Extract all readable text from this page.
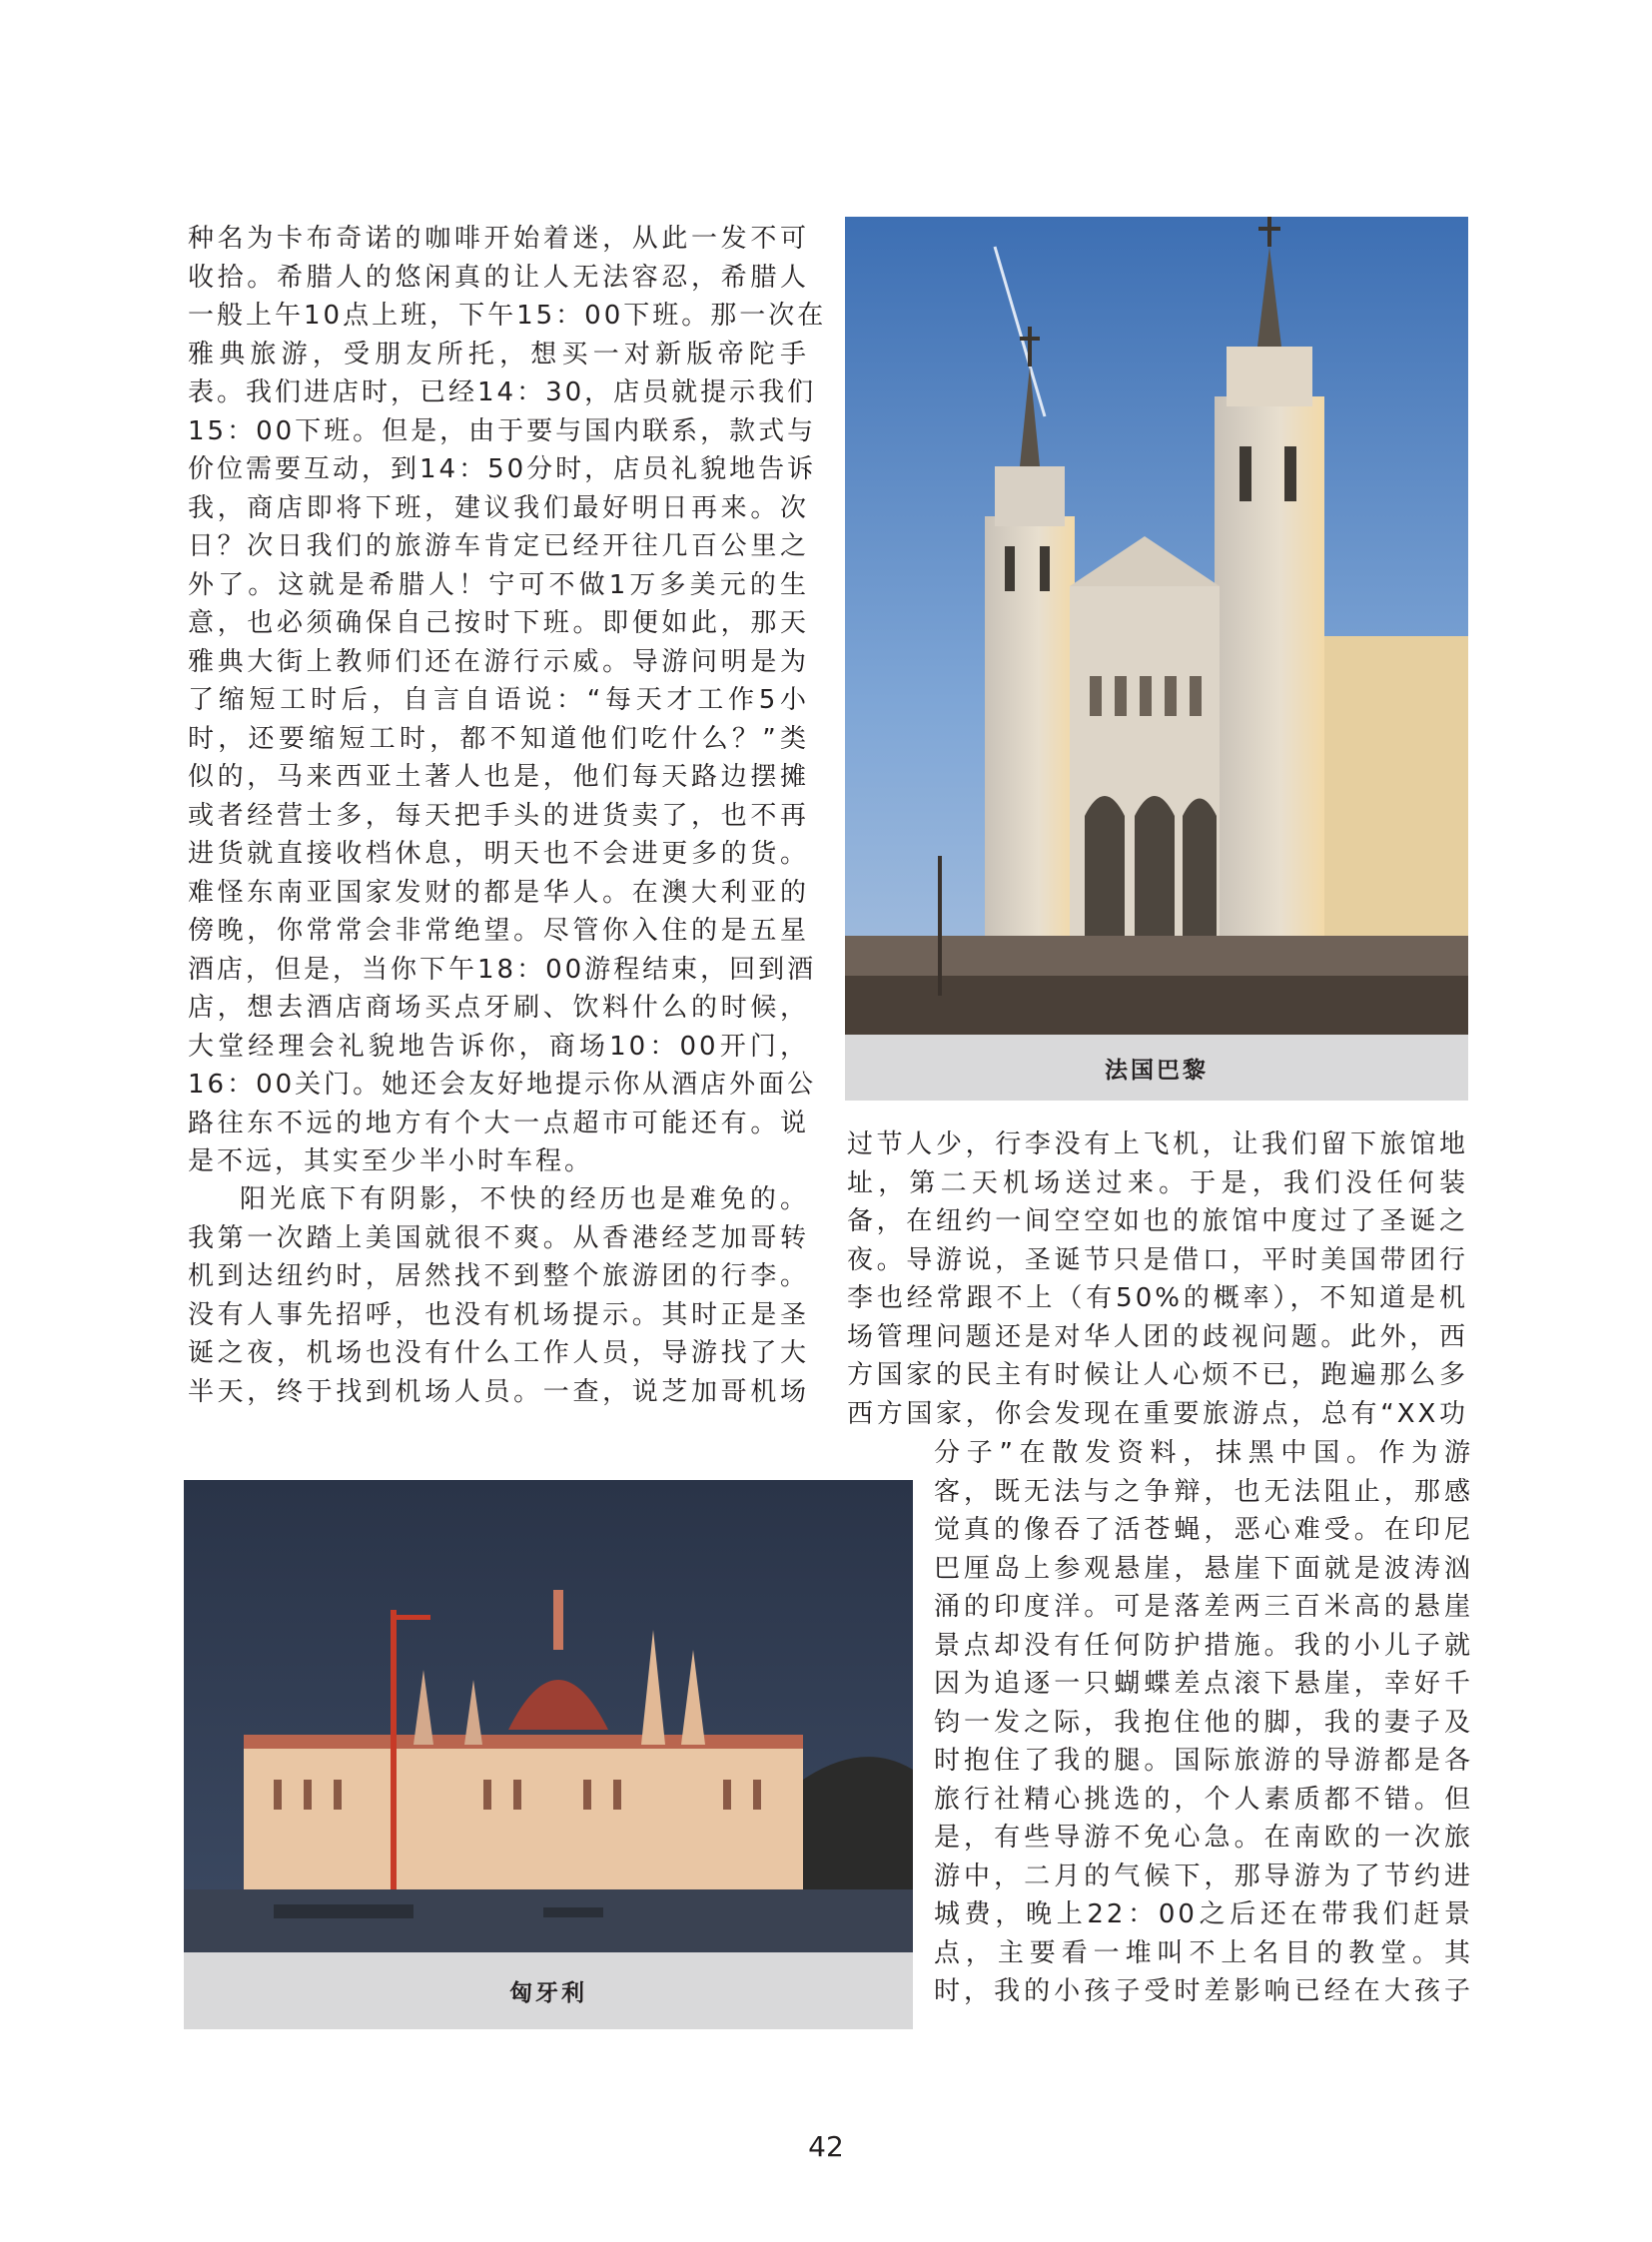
种名为卡布奇诺的咖啡开始着迷，从此一发不可

收拾。希腊人的悠闲真的让人无法容忍，希腊人

一般上午10点上班，下午15：00下班。那一次在

雅典旅游，受朋友所托，想买一对新版帝陀手

表。我们进店时，已经14：30，店员就提示我们

15：00下班。但是，由于要与国内联系，款式与

价位需要互动，到14：50分时，店员礼貌地告诉

我，商店即将下班，建议我们最好明日再来。次

日？次日我们的旅游车肯定已经开往几百公里之

外了。这就是希腊人！宁可不做1万多美元的生

意，也必须确保自己按时下班。即便如此，那天

雅典大街上教师们还在游行示威。导游问明是为

了缩短工时后，自言自语说：“每天才工作5小

时，还要缩短工时，都不知道他们吃什么？”类

似的，马来西亚土著人也是，他们每天路边摆摊

或者经营士多，每天把手头的进货卖了，也不再

进货就直接收档休息，明天也不会进更多的货。

难怪东南亚国家发财的都是华人。在澳大利亚的

傍晚，你常常会非常绝望。尽管你入住的是五星

酒店，但是，当你下午18：00游程结束，回到酒

店，想去酒店商场买点牙刷、饮料什么的时候，

大堂经理会礼貌地告诉你，商场10：00开门，

16：00关门。她还会友好地提示你从酒店外面公

路往东不远的地方有个大一点超市可能还有。说

是不远，其实至少半小时车程。

阳光底下有阴影，不快的经历也是难免的。

我第一次踏上美国就很不爽。从香港经芝加哥转

机到达纽约时，居然找不到整个旅游团的行李。

没有人事先招呼，也没有机场提示。其时正是圣

诞之夜，机场也没有什么工作人员，导游找了大

半天，终于找到机场人员。一查，说芝加哥机场

过节人少，行李没有上飞机，让我们留下旅馆地

址，第二天机场送过来。于是，我们没任何装

备，在纽约一间空空如也的旅馆中度过了圣诞之

夜。导游说，圣诞节只是借口，平时美国带团行

李也经常跟不上（有50%的概率），不知道是机

场管理问题还是对华人团的歧视问题。此外，西

方国家的民主有时候让人心烦不已，跑遍那么多

西方国家，你会发现在重要旅游点，总有“XX功

分子”在散发资料，抹黑中国。作为游

客，既无法与之争辩，也无法阻止，那感

觉真的像吞了活苍蝇，恶心难受。在印尼

巴厘岛上参观悬崖，悬崖下面就是波涛汹

涌的印度洋。可是落差两三百米高的悬崖

景点却没有任何防护措施。我的小儿子就

因为追逐一只蝴蝶差点滚下悬崖，幸好千

钧一发之际，我抱住他的脚，我的妻子及

时抱住了我的腿。国际旅游的导游都是各

旅行社精心挑选的，个人素质都不错。但

是，有些导游不免心急。在南欧的一次旅

游中，二月的气候下，那导游为了节约进

城费，晚上22：00之后还在带我们赶景

点，主要看一堆叫不上名目的教堂。其

时，我的小孩子受时差影响已经在大孩子

法国巴黎
匈牙利
42
